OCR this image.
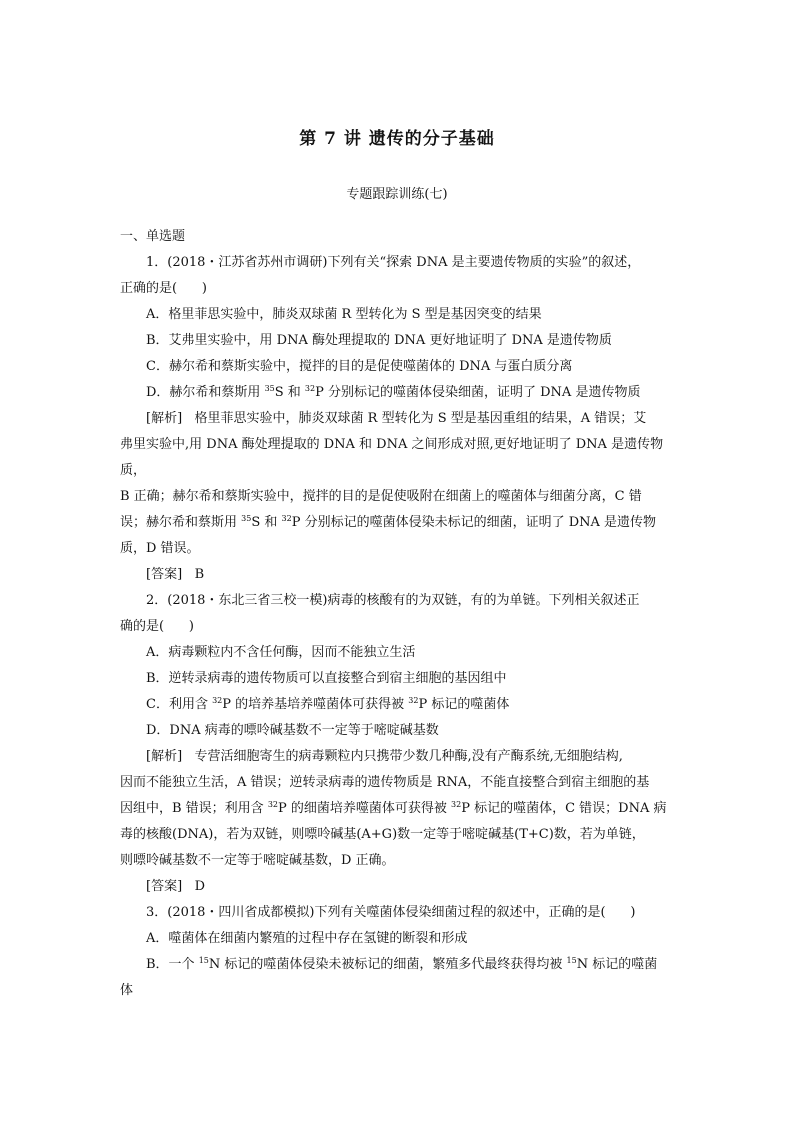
第 7 讲 遗传的分子基础
专题跟踪训练(七)

一、单选题

1．(2018・江苏省苏州市调研)下列有关“探索 DNA 是主要遗传物质的实验”的叙述，

正确的是(      )

A．格里菲思实验中，肺炎双球菌 R 型转化为 S 型是基因突变的结果

B．艾弗里实验中，用 DNA 酶处理提取的 DNA 更好地证明了 DNA 是遗传物质

C．赫尔希和蔡斯实验中，搅拌的目的是促使噬菌体的 DNA 与蛋白质分离

D．赫尔希和蔡斯用 $^{35}$S 和 $^{32}$P 分别标记的噬菌体侵染细菌，证明了 DNA 是遗传物质

[解析]   格里菲思实验中，肺炎双球菌 R 型转化为 S 型是基因重组的结果，A 错误；艾

弗里实验中,用 DNA 酶处理提取的 DNA 和 DNA 之间形成对照,更好地证明了 DNA 是遗传物质，

B 正确；赫尔希和蔡斯实验中，搅拌的目的是促使吸附在细菌上的噬菌体与细菌分离，C 错

误；赫尔希和蔡斯用 $^{35}$S 和 $^{32}$P 分别标记的噬菌体侵染未标记的细菌，证明了 DNA 是遗传物

质，D 错误。

[答案] B

2．(2018・东北三省三校一模)病毒的核酸有的为双链，有的为单链。下列相关叙述正

确的是(      )

A．病毒颗粒内不含任何酶，因而不能独立生活

B．逆转录病毒的遗传物质可以直接整合到宿主细胞的基因组中

C．利用含 $^{32}$P 的培养基培养噬菌体可获得被 $^{32}$P 标记的噬菌体

D．DNA 病毒的嘌呤碱基数不一定等于嘧啶碱基数

[解析]   专营活细胞寄生的病毒颗粒内只携带少数几种酶,没有产酶系统,无细胞结构,

因而不能独立生活，A 错误；逆转录病毒的遗传物质是 RNA，不能直接整合到宿主细胞的基

因组中，B 错误；利用含 $^{32}$P 的细菌培养噬菌体可获得被 $^{32}$P 标记的噬菌体，C 错误；DNA 病

毒的核酸(DNA)，若为双链，则嘌呤碱基(A+G)数一定等于嘧啶碱基(T+C)数，若为单链，

则嘌呤碱基数不一定等于嘧啶碱基数，D 正确。

[答案] D

3．(2018・四川省成都模拟)下列有关噬菌体侵染细菌过程的叙述中，正确的是(      )

A．噬菌体在细菌内繁殖的过程中存在氢键的断裂和形成

B．一个 $^{15}$N 标记的噬菌体侵染未被标记的细菌，繁殖多代最终获得均被 $^{15}$N 标记的噬菌

体
